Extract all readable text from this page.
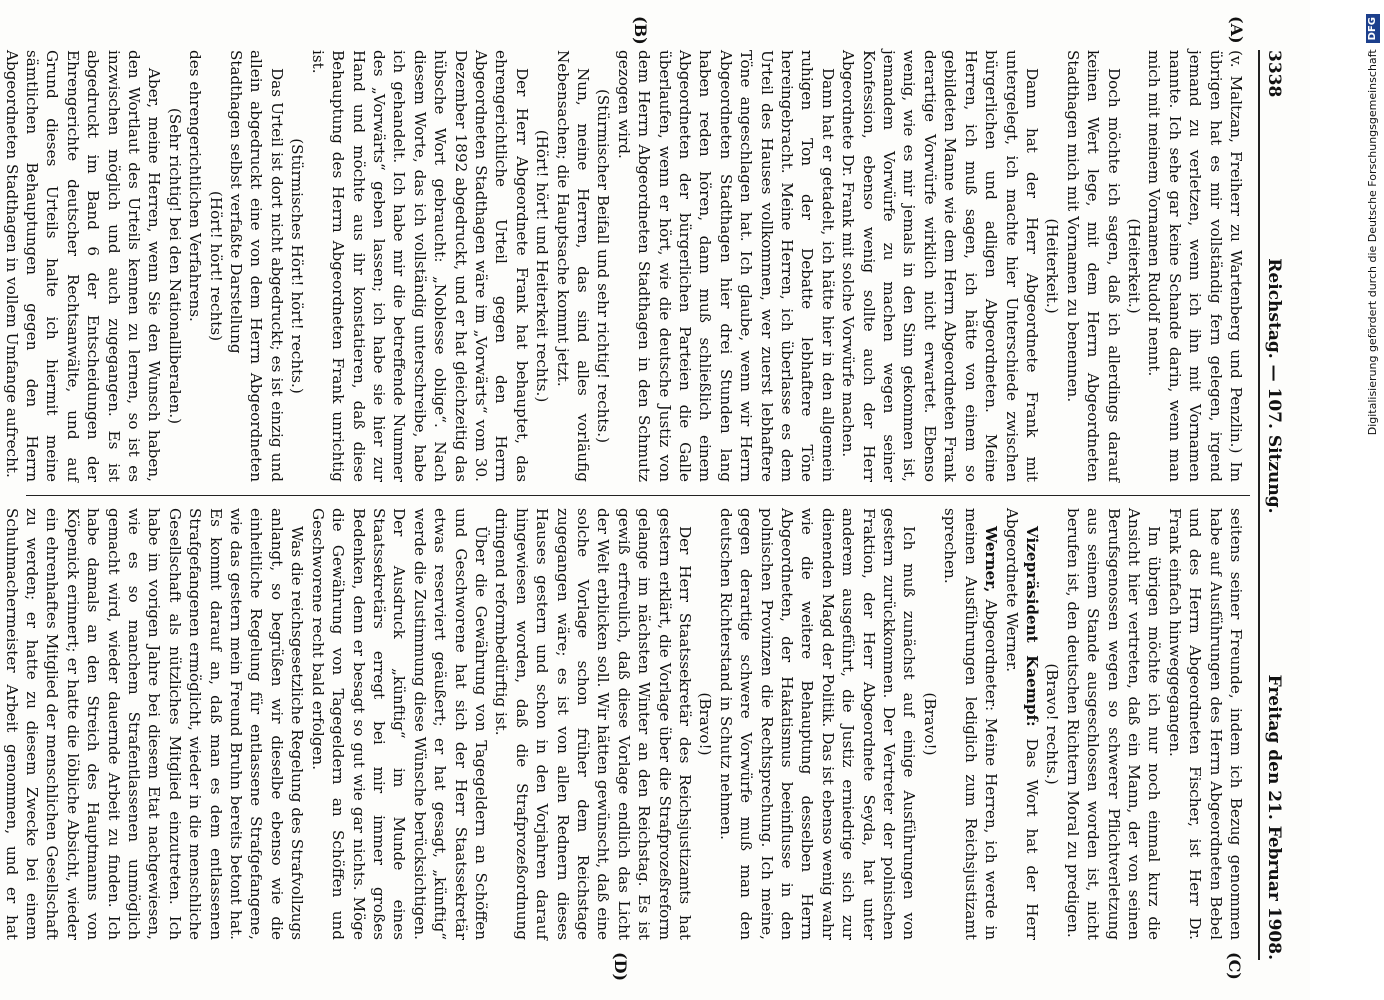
3338
Reichstag. — 107. Sitzung.
Freitag den 21. Februar 1908.
(A)
(B)
(C)
(D)

(v. Maltzan, Freiherr zu Wartenberg und Penzlin.) Im übrigen hat es mir vollständig fern gelegen, irgend jemand zu verletzen, wenn ich ihn mit Vornamen nannte. Ich sehe gar keine Schande darin, wenn man mich mit meinem Vornamen Rudolf nennt.

(Heiterkeit.)

Doch möchte ich sagen, daß ich allerdings darauf keinen Wert lege, mit dem Herrn Abgeordneten Stadthagen mich mit Vornamen zu benennen.

(Heiterkeit.)

Dann hat der Herr Abgeordnete Frank mit untergelegt, ich machte hier Unterschiede zwischen bürgerlichen und adligen Abgeordneten. Meine Herren, ich muß sagen, ich hätte von einem so gebildeten Manne wie dem Herrn Abgeordneten Frank derartige Vorwürfe wirklich nicht erwartet. Ebenso wenig, wie es mir jemals in den Sinn gekommen ist, jemandem Vorwürfe zu machen wegen seiner Konfession, ebenso wenig sollte auch der Herr Abgeordnete Dr. Frank mit solche Vorwürfe machen.

Dann hat er getadelt, ich hätte hier in den allgemein ruhigen Ton der Debatte lebhaftere Töne hereingebracht. Meine Herren, ich überlasse es dem Urteil des Hauses vollkommen, wer zuerst lebhaftere Töne angeschlagen hat. Ich glaube, wenn wir Herrn Abgeordneten Stadthagen hier drei Stunden lang haben reden hören, dann muß schließlich einem Abgeordneten der bürgerlichen Parteien die Galle überlaufen, wenn er hört, wie die deutsche Justiz von dem Herrn Abgeordneten Stadthagen in den Schmutz gezogen wird.

(Stürmischer Beifall und sehr richtig! rechts.)

Nun, meine Herren, das sind alles vorläufig Nebensachen; die Hauptsache kommt jetzt.

(Hört! hört! und Heiterkeit rechts.)

Der Herr Abgeordnete Frank hat behauptet, das ehrengerichtliche Urteil gegen den Herrn Abgeordneten Stadthagen wäre im „Vorwärts“ vom 30. Dezember 1892 abgedruckt, und er hat gleichzeitig das hübsche Wort gebraucht: „Noblesse oblige“. Nach diesem Worte, das ich vollständig unterschreibe, habe ich gehandelt. Ich habe mir die betreffende Nummer des „Vorwärts“ geben lassen; ich habe sie hier zur Hand und möchte aus ihr konstatieren, daß diese Behauptung des Herrn Abgeordneten Frank unrichtig ist.

(Stürmisches Hört! hört! rechts.)

Das Urteil ist dort nicht abgedruckt; es ist einzig und allein abgedruckt eine von dem Herrn Abgeordneten Stadthagen selbst verfaßte Darstellung

(Hört! hört! rechts)

des ehrengerichtlichen Verfahrens.

(Sehr richtig! bei den Nationalliberalen.)

Aber, meine Herren, wenn Sie den Wunsch haben, den Wortlaut des Urteils kennen zu lernen, so ist es inzwischen möglich und auch zugegangen. Es ist abgedruckt im Band 6 der Entscheidungen der Ehrengerichte deutscher Rechtsanwälte, und auf Grund dieses Urteils halte ich hiermit meine sämtlichen Behauptungen gegen den Herrn Abgeordneten Stadthagen in vollem Umfange aufrecht.

seitens seiner Freunde, indem ich Bezug genommen habe auf Ausführungen des Herrn Abgeordneten Bebel und des Herrn Abgeordneten Fischer, ist Herr Dr. Frank einfach hinweggegangen.

Im übrigen möchte ich nur noch einmal kurz die Ansicht hier vertreten, daß ein Mann, der von seinen Berufsgenossen wegen so schwerer Pflichtverletzung aus seinem Stande ausgeschlossen worden ist, nicht berufen ist, den deutschen Richtern Moral zu predigen.

(Bravo! rechts.)

Vizepräsident Kaempf: Das Wort hat der Herr Abgeordnete Werner.

Werner, Abgeordneter: Meine Herren, ich werde in meinen Ausführungen lediglich zum Reichsjustizamt sprechen.

(Bravo!)

Ich muß zunächst auf einige Ausführungen von gestern zurückkommen. Der Vertreter der polnischen Fraktion, der Herr Abgeordnete Seyda, hat unter anderem ausgeführt, die Justiz erniedrige sich zur dienenden Magd der Politik. Das ist ebenso wenig wahr wie die weitere Behauptung desselben Herrn Abgeordneten, der Hakatismus beeinflusse in den polnischen Provinzen die Rechtsprechung. Ich meine, gegen derartige schwere Vorwürfe muß man den deutschen Richterstand in Schutz nehmen.

(Bravo!)

Der Herr Staatssekretär des Reichsjustizamts hat gestern erklärt, die Vorlage über die Strafprozeßreform gelange im nächsten Winter an den Reichstag. Es ist gewiß erfreulich, daß diese Vorlage endlich das Licht der Welt erblicken soll. Wir hätten gewünscht, daß eine solche Vorlage schon früher dem Reichstage zugegangen wäre; es ist von allen Rednern dieses Hauses gestern und schon in den Vorjahren darauf hingewiesen worden, daß die Strafprozeßordnung dringend reformbedürftig ist.

Über die Gewährung von Tagegeldern an Schöffen und Geschworene hat sich der Herr Staatssekretär etwas reserviert geäußert; er hat gesagt, „künftig“ werde die Zustimmung diese Wünsche berücksichtigen. Der Ausdruck „künftig“ im Munde eines Staatssekretärs erregt bei mir immer großes Bedenken, denn er besagt so gut wie gar nichts. Möge die Gewährung von Tagegeldern an Schöffen und Geschworene recht bald erfolgen.

Was die reichsgesetzliche Regelung des Strafvollzugs anlangt, so begrüßen wir dieselbe ebenso wie die einheitliche Regelung für entlassene Strafgefangene, wie das gestern mein Freund Bruhn bereits betont hat. Es kommt darauf an, daß man es dem entlassenen Strafgefangenen ermöglicht, wieder in die menschliche Gesellschaft als nützliches Mitglied einzutreten. Ich habe im vorigen Jahre bei diesem Etat nachgewiesen, wie es so manchem Strafentlassenen unmöglich gemacht wird, wieder dauernde Arbeit zu finden. Ich habe damals an den Streich des Hauptmanns von Köpenick erinnert; er hatte die löbliche Absicht, wieder ein ehrenhaftes Mitglied der menschlichen Gesellschaft zu werden; er hatte zu diesem Zwecke bei einem Schuhmachermeister Arbeit genommen, und er hat

Digitalisierung gefördert durch die Deutsche Forschungsgemeinschaft
DFG
